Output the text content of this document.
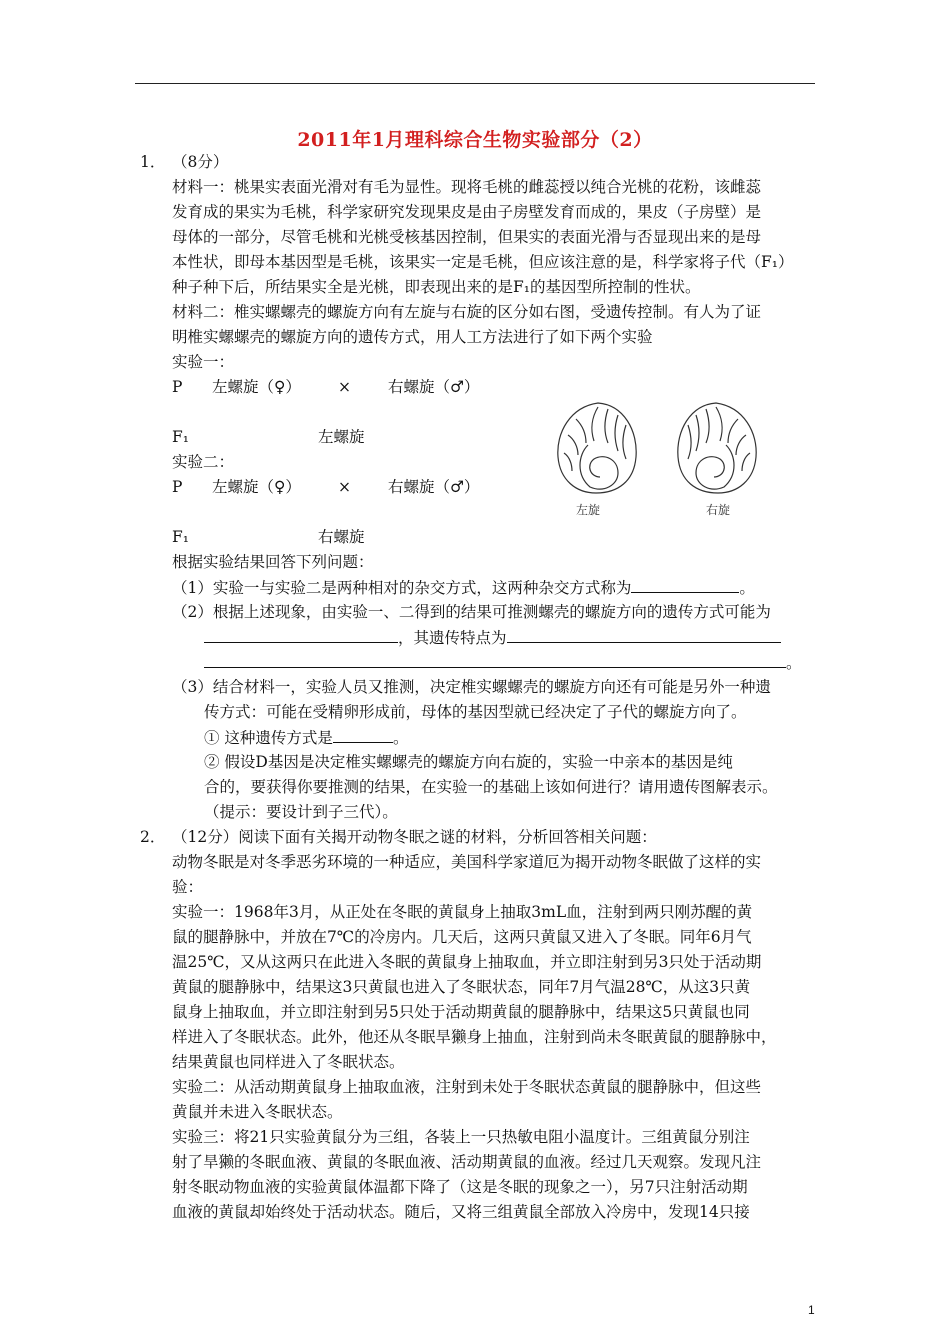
2011年1月理科综合生物实验部分（2）
1． （8分）
材料一：桃果实表面光滑对有毛为显性。现将毛桃的雌蕊授以纯合光桃的花粉，该雌蕊
发育成的果实为毛桃，科学家研究发现果皮是由子房壁发育而成的，果皮（子房壁）是
母体的一部分，尽管毛桃和光桃受核基因控制，但果实的表面光滑与否显现出来的是母
本性状，即母本基因型是毛桃，该果实一定是毛桃，但应该注意的是，科学家将子代（F₁）
种子种下后，所结果实全是光桃，即表现出来的是F₁的基因型所控制的性状。
材料二：椎实螺螺壳的螺旋方向有左旋与右旋的区分如右图，受遗传控制。有人为了证
明椎实螺螺壳的螺旋方向的遗传方式，用人工方法进行了如下两个实验
实验一：
P 左螺旋（♀） × 右螺旋（♂）
F₁	左螺旋
实验二：
P 左螺旋（♀） × 右螺旋（♂）
F₁	右螺旋
左旋	右旋
根据实验结果回答下列问题：
（1）实验一与实验二是两种相对的杂交方式，这两种杂交方式称为	。
（2）根据上述现象，由实验一、二得到的结果可推测螺壳的螺旋方向的遗传方式可能为
，其遗传特点为
。
（3）结合材料一，实验人员又推测，决定椎实螺螺壳的螺旋方向还有可能是另外一种遗
传方式：可能在受精卵形成前，母体的基因型就已经决定了子代的螺旋方向了。
① 这种遗传方式是	。
② 假设D基因是决定椎实螺螺壳的螺旋方向右旋的，实验一中亲本的基因是纯
合的，要获得你要推测的结果，在实验一的基础上该如何进行？请用遗传图解表示。
（提示：要设计到子三代）。
2． （12分）阅读下面有关揭开动物冬眠之谜的材料，分析回答相关问题：
动物冬眠是对冬季恶劣环境的一种适应，美国科学家道厄为揭开动物冬眠做了这样的实
验：
实验一：1968年3月，从正处在冬眠的黄鼠身上抽取3mL血，注射到两只刚苏醒的黄
鼠的腿静脉中，并放在7℃的冷房内。几天后，这两只黄鼠又进入了冬眠。同年6月气
温25℃，又从这两只在此进入冬眠的黄鼠身上抽取血，并立即注射到另3只处于活动期
黄鼠的腿静脉中，结果这3只黄鼠也进入了冬眠状态，同年7月气温28℃，从这3只黄
鼠身上抽取血，并立即注射到另5只处于活动期黄鼠的腿静脉中，结果这5只黄鼠也同
样进入了冬眠状态。此外，他还从冬眠旱獭身上抽血，注射到尚未冬眠黄鼠的腿静脉中，
结果黄鼠也同样进入了冬眠状态。
实验二：从活动期黄鼠身上抽取血液，注射到未处于冬眠状态黄鼠的腿静脉中，但这些
黄鼠并未进入冬眠状态。
实验三：将21只实验黄鼠分为三组，各装上一只热敏电阻小温度计。三组黄鼠分别注
射了旱獭的冬眠血液、黄鼠的冬眠血液、活动期黄鼠的血液。经过几天观察。发现凡注
射冬眠动物血液的实验黄鼠体温都下降了（这是冬眠的现象之一），另7只注射活动期
血液的黄鼠却始终处于活动状态。随后，又将三组黄鼠全部放入冷房中，发现14只接
1
